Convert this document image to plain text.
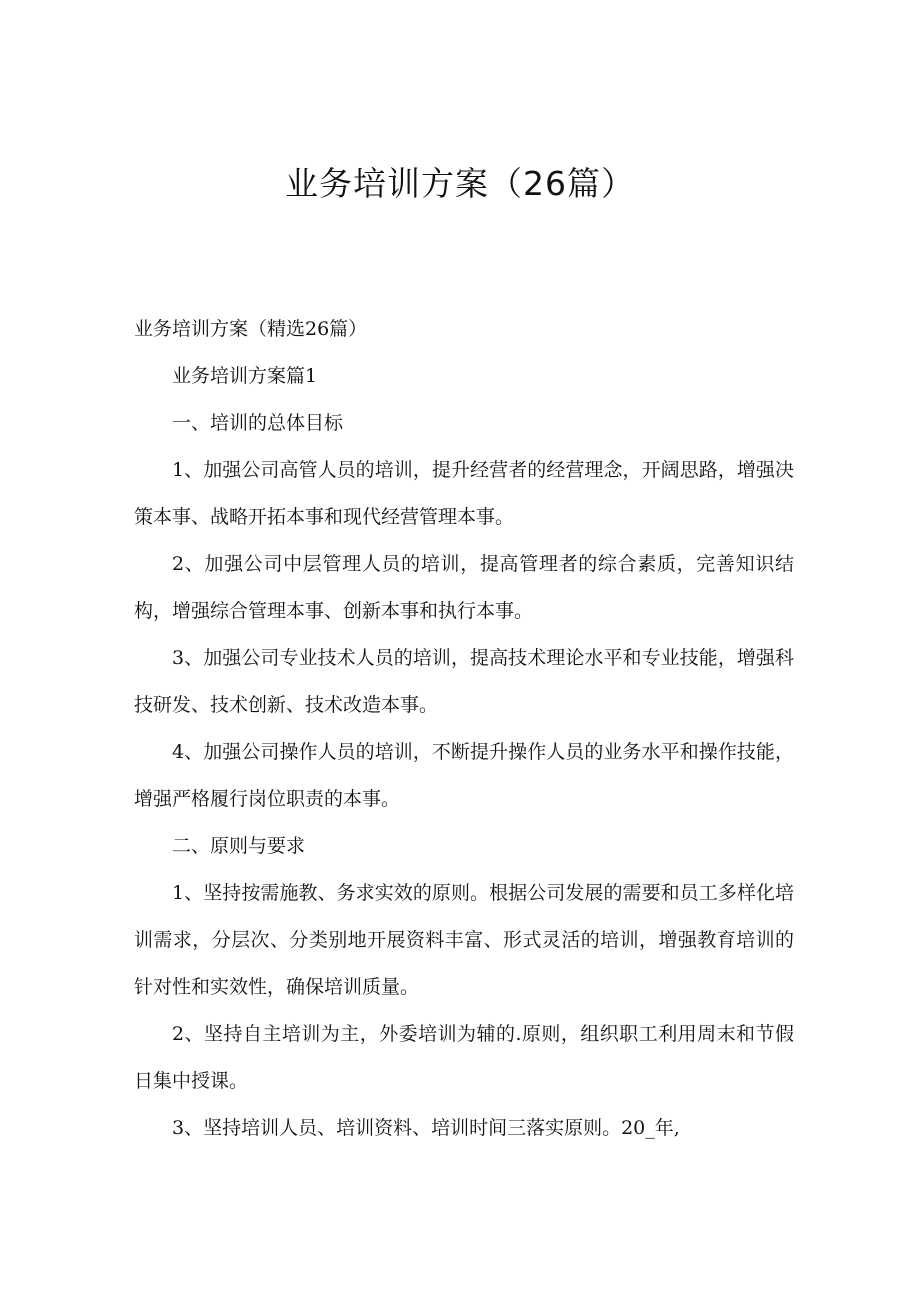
业务培训方案（26篇）

业务培训方案（精选26篇）

业务培训方案篇1

一、培训的总体目标

1、加强公司高管人员的培训，提升经营者的经营理念，开阔思路，增强决策本事、战略开拓本事和现代经营管理本事。

2、加强公司中层管理人员的培训，提高管理者的综合素质，完善知识结构，增强综合管理本事、创新本事和执行本事。

3、加强公司专业技术人员的培训，提高技术理论水平和专业技能，增强科技研发、技术创新、技术改造本事。

4、加强公司操作人员的培训，不断提升操作人员的业务水平和操作技能，增强严格履行岗位职责的本事。

二、原则与要求

1、坚持按需施教、务求实效的原则。根据公司发展的需要和员工多样化培训需求，分层次、分类别地开展资料丰富、形式灵活的培训，增强教育培训的针对性和实效性，确保培训质量。

2、坚持自主培训为主，外委培训为辅的.原则，组织职工利用周末和节假日集中授课。

3、坚持培训人员、培训资料、培训时间三落实原则。20_年,
